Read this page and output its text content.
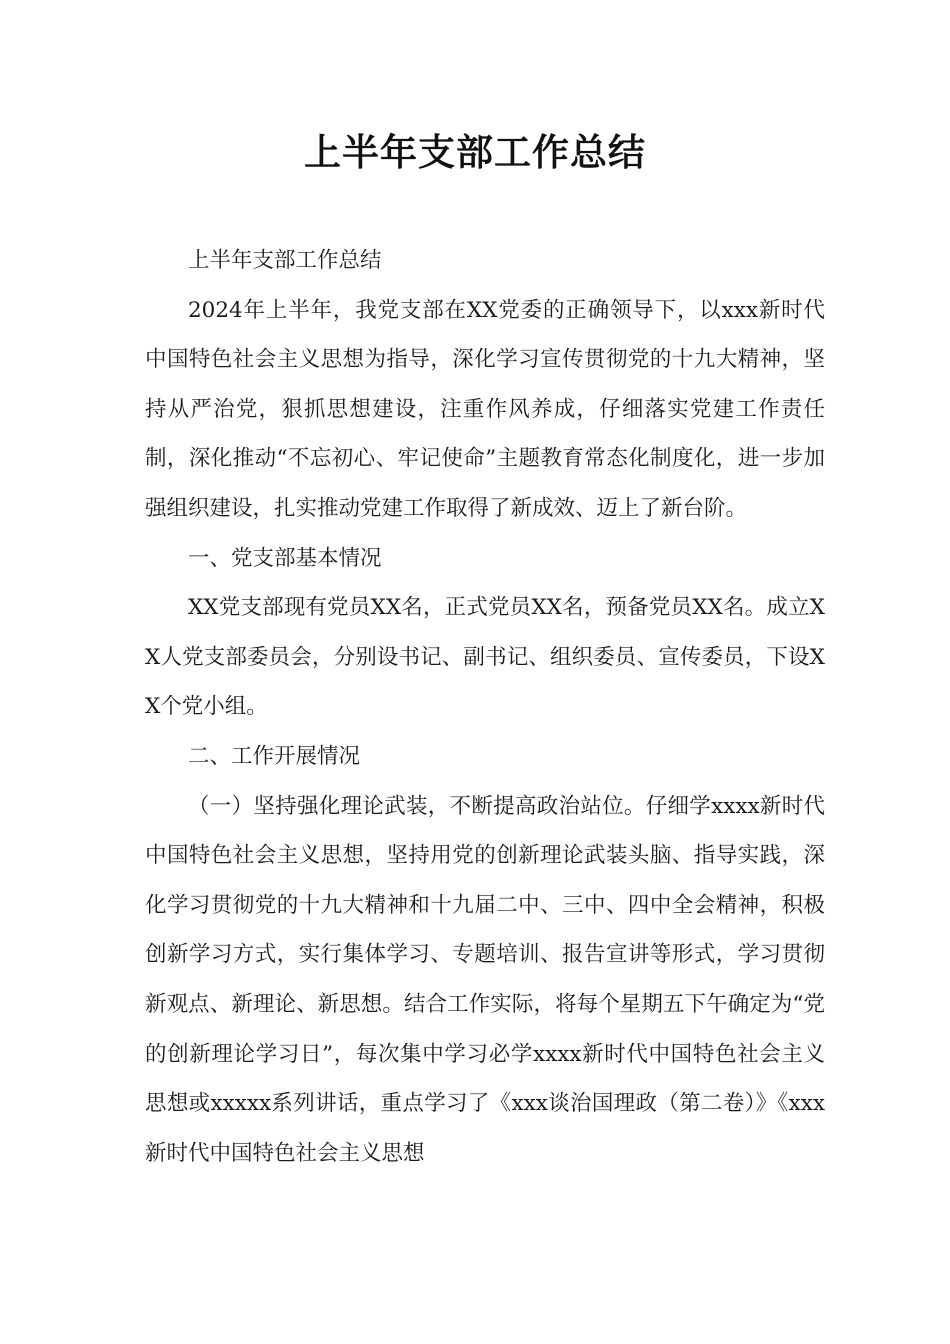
上半年支部工作总结

上半年支部工作总结

2024年上半年，我党支部在XX党委的正确领导下，以xxx新时代中国特色社会主义思想为指导，深化学习宣传贯彻党的十九大精神，坚持从严治党，狠抓思想建设，注重作风养成，仔细落实党建工作责任制，深化推动“不忘初心、牢记使命”主题教育常态化制度化，进一步加强组织建设，扎实推动党建工作取得了新成效、迈上了新台阶。

一、党支部基本情况

XX党支部现有党员XX名，正式党员XX名，预备党员XX名。成立XX人党支部委员会，分别设书记、副书记、组织委员、宣传委员，下设XX个党小组。

二、工作开展情况

（一）坚持强化理论武装，不断提高政治站位。仔细学xxxx新时代中国特色社会主义思想，坚持用党的创新理论武装头脑、指导实践，深化学习贯彻党的十九大精神和十九届二中、三中、四中全会精神，积极创新学习方式，实行集体学习、专题培训、报告宣讲等形式，学习贯彻新观点、新理论、新思想。结合工作实际，将每个星期五下午确定为“党的创新理论学习日”，每次集中学习必学xxxx新时代中国特色社会主义思想或xxxxx系列讲话，重点学习了《xxx谈治国理政（第二卷）》《xxx新时代中国特色社会主义思想
